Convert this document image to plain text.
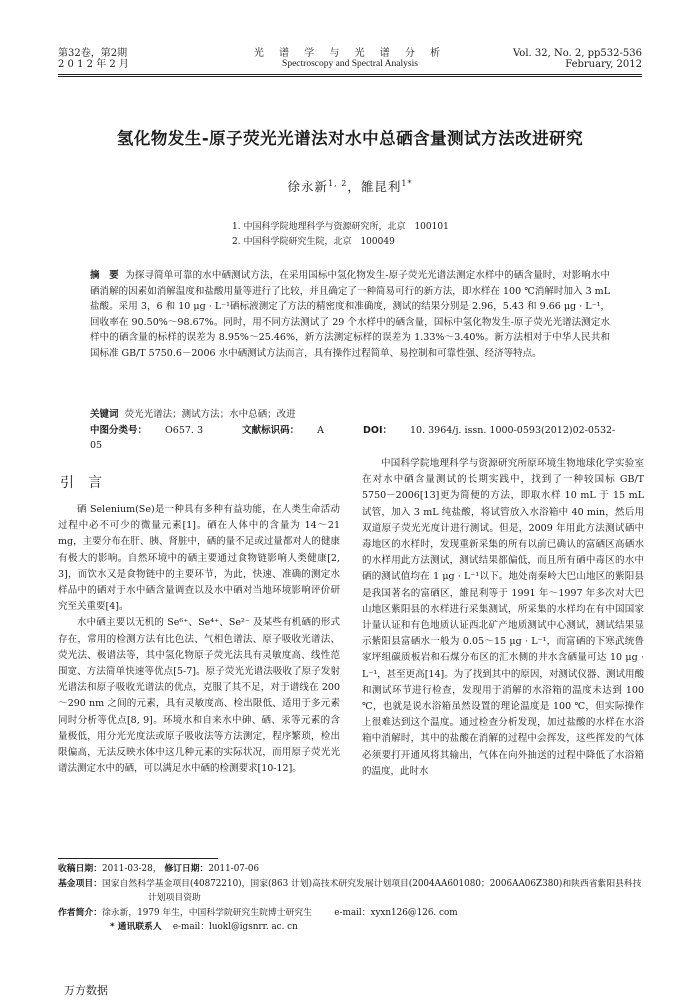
第32卷，第2期
2 0 1 2 年 2 月
光 谱 学 与 光 谱 分 析
Spectroscopy and Spectral Analysis
Vol. 32, No. 2, pp532-536
February, 2012
氢化物发生-原子荧光光谱法对水中总硒含量测试方法改进研究
徐永新$^{1, 2}$，雒昆利$^{1*}$
1. 中国科学院地理科学与资源研究所，北京　100101
2. 中国科学院研究生院，北京　100049
摘　要 为探寻简单可靠的水中硒测试方法，在采用国标中氢化物发生-原子荧光光谱法测定水样中的硒含量时，对影响水中硒消解的因素如消解温度和盐酸用量等进行了比较，并且确定了一种简易可行的新方法，即水样在 100 ℃消解时加入 3 mL 盐酸。采用 3，6 和 10 μg · L⁻¹硒标液测定了方法的精密度和准确度，测试的结果分别是 2.96，5.43 和 9.66 μg · L⁻¹，回收率在 90.50%～98.67%。同时，用不同方法测试了 29 个水样中的硒含量，国标中氢化物发生-原子荧光光谱法测定水样中的硒含量的标样的误差为 8.95%～25.46%，新方法测定标样的误差为 1.33%～3.40%。新方法相对于中华人民共和国标准 GB/T 5750.6－2006 水中硒测试方法而言，具有操作过程简单、易控制和可靠性强、经济等特点。
关键词 荧光光谱法；测试方法；水中总硒；改进
中图分类号： O657. 3	文献标识码： A	DOI： 10. 3964/j. issn. 1000-0593(2012)02-0532-05
引言

硒 Selenium(Se)是一种具有多种有益功能，在人类生命活动过程中必不可少的微量元素[1]。硒在人体中的含量为 14～21 mg，主要分布在肝、胰、肾脏中，硒的量不足或过量都对人的健康有极大的影响。自然环境中的硒主要通过食物链影响人类健康[2, 3]，而饮水又是食物链中的主要环节，为此，快速、准确的测定水样品中的硒对于水中硒含量调查以及水中硒对当地环境影响评价研究至关重要[4]。

水中硒主要以无机的 Se⁶⁺、Se⁴⁺、Se²⁻ 及某些有机硒的形式存在，常用的检测方法有比色法、气相色谱法、原子吸收光谱法、荧光法、极谱法等，其中氢化物原子荧光法具有灵敏度高、线性范围宽、方法简单快速等优点[5-7]。原子荧光光谱法吸收了原子发射光谱法和原子吸收光谱法的优点，克服了其不足，对于谱线在 200～290 nm 之间的元素，具有灵敏度高、检出限低、适用于多元素同时分析等优点[8, 9]。环境水和自来水中砷、硒、汞等元素的含量极低，用分光光度法或原子吸收法等方法测定，程序繁琐，检出限偏高，无法反映水体中这几种元素的实际状况，而用原子荧光光谱法测定水中的硒，可以满足水中硒的检测要求[10-12]。

中国科学院地理科学与资源研究所原环境生物地球化学实验室在对水中硒含量测试的长期实践中，找到了一种较国标 GB/T 5750－2006[13]更为简便的方法，即取水样 10 mL 于 15 mL 试管，加入 3 mL 纯盐酸，将试管放入水浴箱中 40 min，然后用双道原子荧光光度计进行测试。但是，2009 年用此方法测试硒中毒地区的水样时，发现重新采集的所有以前已确认的富硒区高硒水的水样用此方法测试，测试结果都偏低，而且所有硒中毒区的水中硒的测试值均在 1 μg · L⁻¹以下。地处南秦岭大巴山地区的紫阳县是我国著名的富硒区，雒昆利等于 1991 年～1997 年多次对大巴山地区紫阳县的水样进行采集测试，所采集的水样均在有中国国家计量认证和有色地质认证西北矿产地质测试中心测试，测试结果显示紫阳县富硒水一般为 0.05～15 μg · L⁻¹，而富硒的下寒武统鲁家坪组碳质板岩和石煤分布区的汇水侧的井水含硒量可达 10 μg · L⁻¹，甚至更高[14]。为了找到其中的原因，对测试仪器、测试用酸和测试环节进行检查，发现用于消解的水浴箱的温度未达到 100 ℃，也就是说水浴箱虽然设置的理论温度是 100 ℃，但实际操作上很难达到这个温度。通过检查分析发现，加过盐酸的水样在水浴箱中消解时，其中的盐酸在消解的过程中会挥发，这些挥发的气体必须要打开通风将其输出，气体在向外抽送的过程中降低了水浴箱的温度，此时水

收稿日期：2011-03-28， 修订日期：2011-07-06
基金项目：国家自然科学基金项目(40872210)，国家(863 计划)高技术研究发展计划项目(2004AA601080；2006AA06Z380)和陕西省紫阳县科技计划项目资助
作者简介：徐永新，1979 年生，中国科学院研究生院博士研究生	e-mail：xyxn126@126. com
* 通讯联系人 e-mail：luokl@igsnrr. ac. cn
万方数据
